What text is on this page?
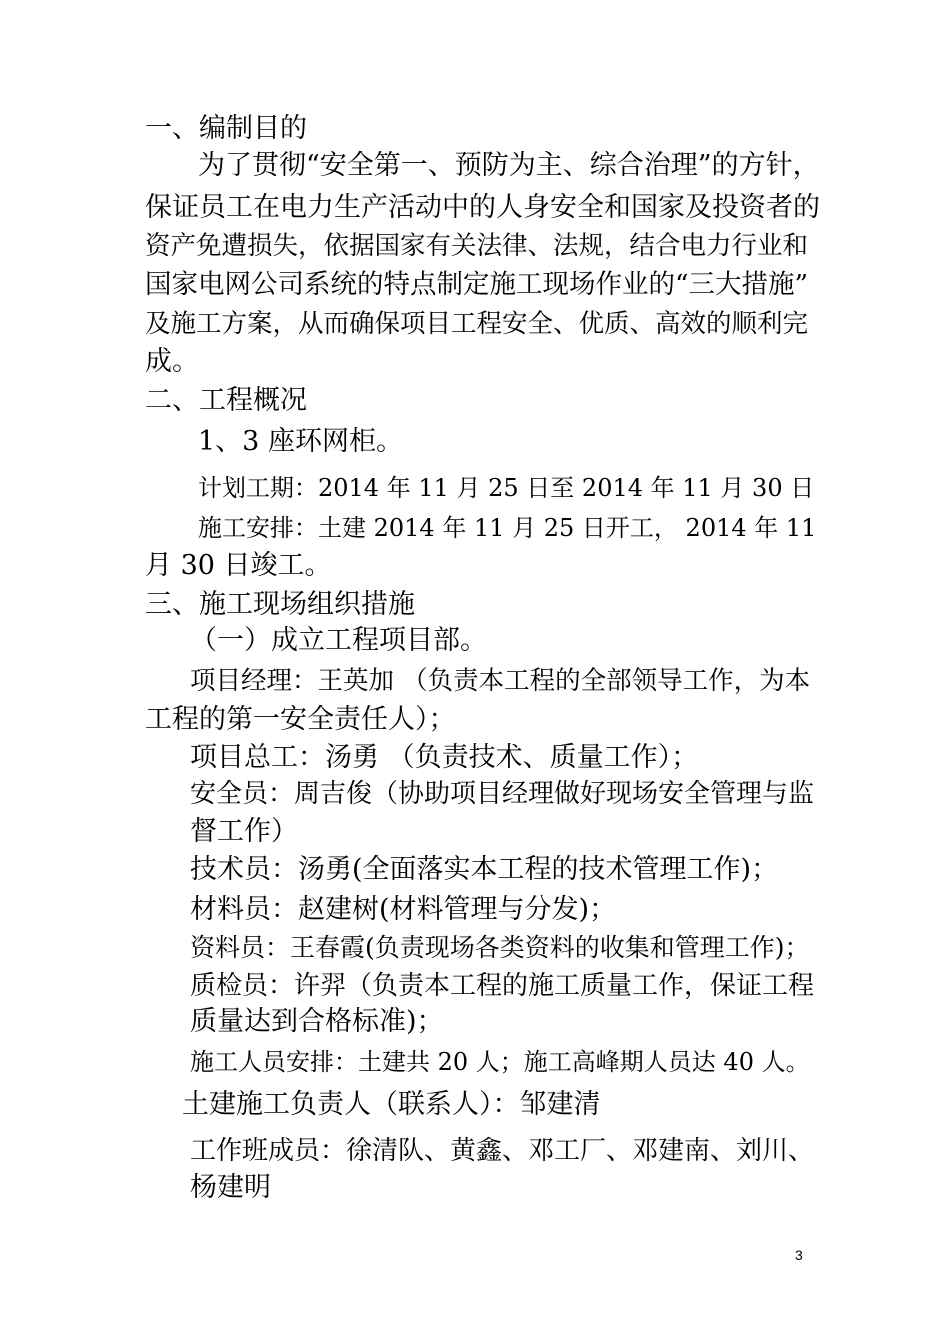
一、编制目的

为了贯彻“安全第一、预防为主、综合治理”的方针，

保证员工在电力生产活动中的人身安全和国家及投资者的

资产免遭损失，依据国家有关法律、法规，结合电力行业和

国家电网公司系统的特点制定施工现场作业的“三大措施”

及施工方案，从而确保项目工程安全、优质、高效的顺利完

成。

二、工程概况

1、3 座环网柜。

计划工期：2014 年 11 月 25 日至 2014 年 11 月 30 日

施工安排：土建 2014 年 11 月 25 日开工， 2014 年 11

月 30 日竣工。

三、施工现场组织措施

（一）成立工程项目部。

项目经理：王英加 （负责本工程的全部领导工作，为本

工程的第一安全责任人）；

项目总工：汤勇 （负责技术、质量工作）；

安全员：周吉俊（协助项目经理做好现场安全管理与监

督工作）

技术员：汤勇(全面落实本工程的技术管理工作)；

材料员：赵建树(材料管理与分发)；

资料员：王春霞(负责现场各类资料的收集和管理工作)；

质检员：许羿（负责本工程的施工质量工作，保证工程

质量达到合格标准)；

施工人员安排：土建共 20 人；施工高峰期人员达 40 人。

土建施工负责人（联系人）：邹建清

工作班成员：徐清队、黄鑫、邓工厂、邓建南、刘川、

杨建明

3
